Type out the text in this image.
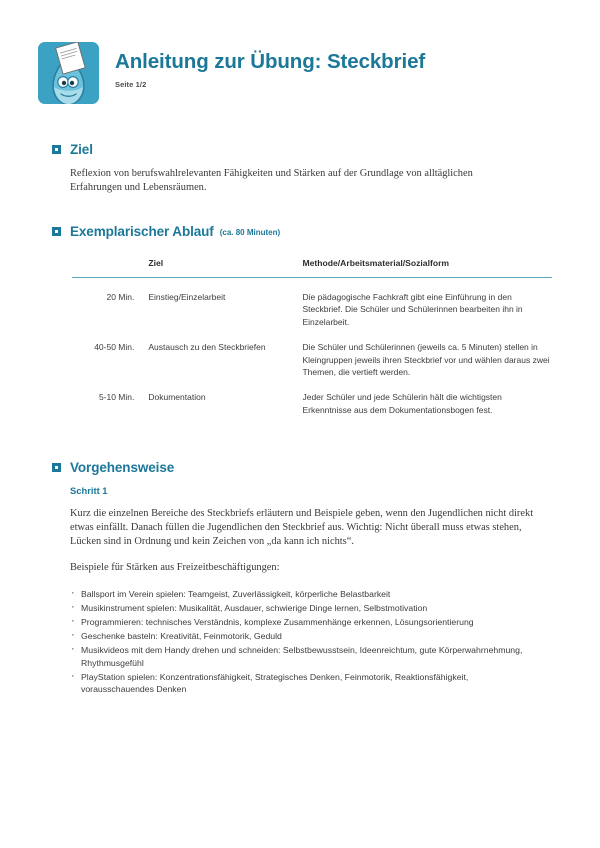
Anleitung zur Übung: Steckbrief
Seite 1/2
Ziel

Reflexion von berufswahlrelevanten Fähigkeiten und Stärken auf der Grundlage von alltäglichen Erfahrungen und Lebensräumen.

Exemplarischer Ablauf (ca. 80 Minuten)
	Ziel	Methode/Arbeitsmaterial/Sozialform
20 Min.	Einstieg/Einzelarbeit	Die pädagogische Fachkraft gibt eine Einführung in den Steckbrief. Die Schüler und Schülerinnen bearbeiten ihn in Einzelarbeit.
40-50 Min.	Austausch zu den Steckbriefen	Die Schüler und Schülerinnen (jeweils ca. 5 Minuten) stellen in Kleingruppen jeweils ihren Steckbrief vor und wählen daraus zwei Themen, die vertieft werden.
5-10 Min.	Dokumentation	Jeder Schüler und jede Schülerin hält die wichtigsten Erkenntnisse aus dem Dokumentationsbogen fest.
Vorgehensweise
Schritt 1

Kurz die einzelnen Bereiche des Steckbriefs erläutern und Beispiele geben, wenn den Jugendlichen nicht direkt etwas einfällt. Danach füllen die Jugendlichen den Steckbrief aus. Wichtig: Nicht überall muss etwas stehen, Lücken sind in Ordnung und kein Zeichen von „da kann ich nichts“.

Beispiele für Stärken aus Freizeitbeschäftigungen:

· Ballsport im Verein spielen: Teamgeist, Zuverlässigkeit, körperliche Belastbarkeit
· Musikinstrument spielen: Musikalität, Ausdauer, schwierige Dinge lernen, Selbstmotivation
· Programmieren: technisches Verständnis, komplexe Zusammenhänge erkennen, Lösungsorientierung
· Geschenke basteln: Kreativität, Feinmotorik, Geduld
· Musikvideos mit dem Handy drehen und schneiden: Selbstbewusstsein, Ideenreichtum, gute Körperwahrnehmung, Rhythmusgefühl
· PlayStation spielen: Konzentrationsfähigkeit, Strategisches Denken, Feinmotorik, Reaktionsfähigkeit, vorausschauendes Denken
